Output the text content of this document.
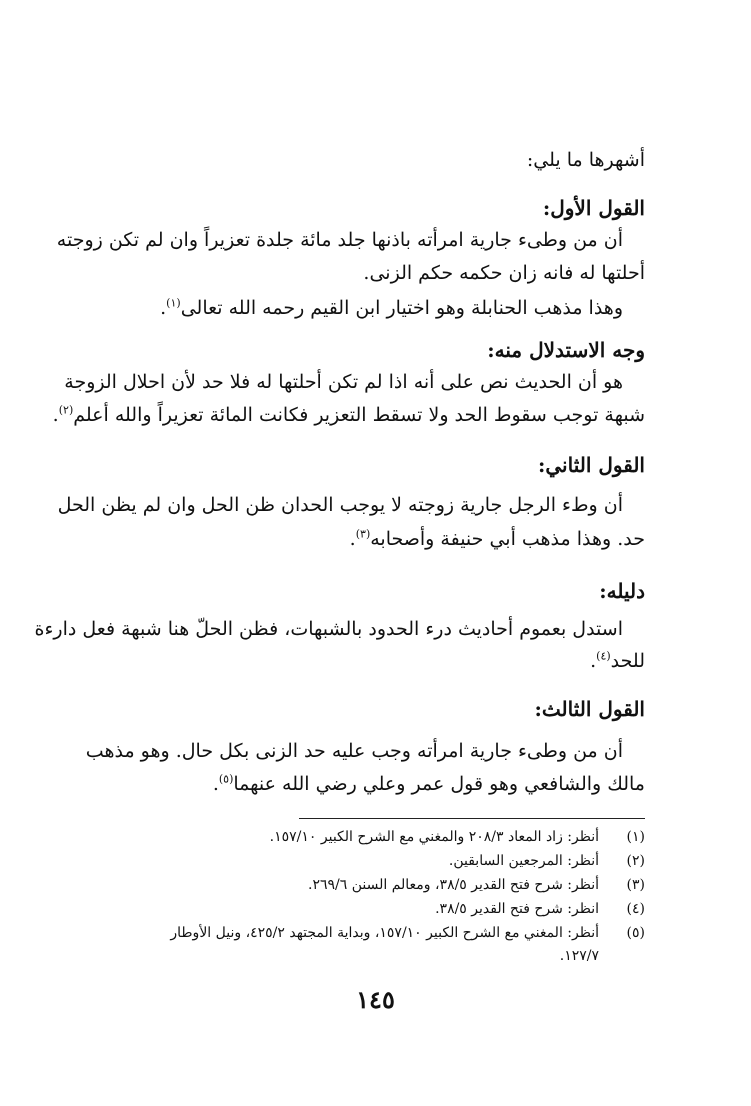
أشهرها ما يلي:
القول الأول:
أن من وطىء جارية امرأته باذنها جلد مائة جلدة تعزيراً وان لم تكن زوجته
أحلتها له فانه زان حكمه حكم الزنى.
وهذا مذهب الحنابلة وهو اختيار ابن القيم رحمه الله تعالى$^{(١)}$.
وجه الاستدلال منه:
هو أن الحديث نص على أنه اذا لم تكن أحلتها له فلا حد لأن احلال الزوجة
شبهة توجب سقوط الحد ولا تسقط التعزير فكانت المائة تعزيراً والله أعلم$^{(٢)}$.
القول الثاني:
أن وطء الرجل جارية زوجته لا يوجب الحدان ظن الحل وان لم يظن الحل
حد. وهذا مذهب أبي حنيفة وأصحابه$^{(٣)}$.
دليله:
استدل بعموم أحاديث درء الحدود بالشبهات، فظن الحلّ هنا شبهة فعل دارءة
للحد$^{(٤)}$.
القول الثالث:
أن من وطىء جارية امرأته وجب عليه حد الزنى بكل حال. وهو مذهب
مالك والشافعي وهو قول عمر وعلي رضي الله عنهما$^{(٥)}$.
(١)أنظر: زاد المعاد ٢٠٨/٣ والمغني مع الشرح الكبير ١٥٧/١٠.
(٢)أنظر: المرجعين السابقين.
(٣)أنظر: شرح فتح القدير ٣٨/٥، ومعالم السنن ٢٦٩/٦.
(٤)انظر: شرح فتح القدير ٣٨/٥.
(٥)أنظر: المغني مع الشرح الكبير ١٥٧/١٠، وبداية المجتهد ٤٢٥/٢، ونيل الأوطار
١٢٧/٧.
١٤٥
